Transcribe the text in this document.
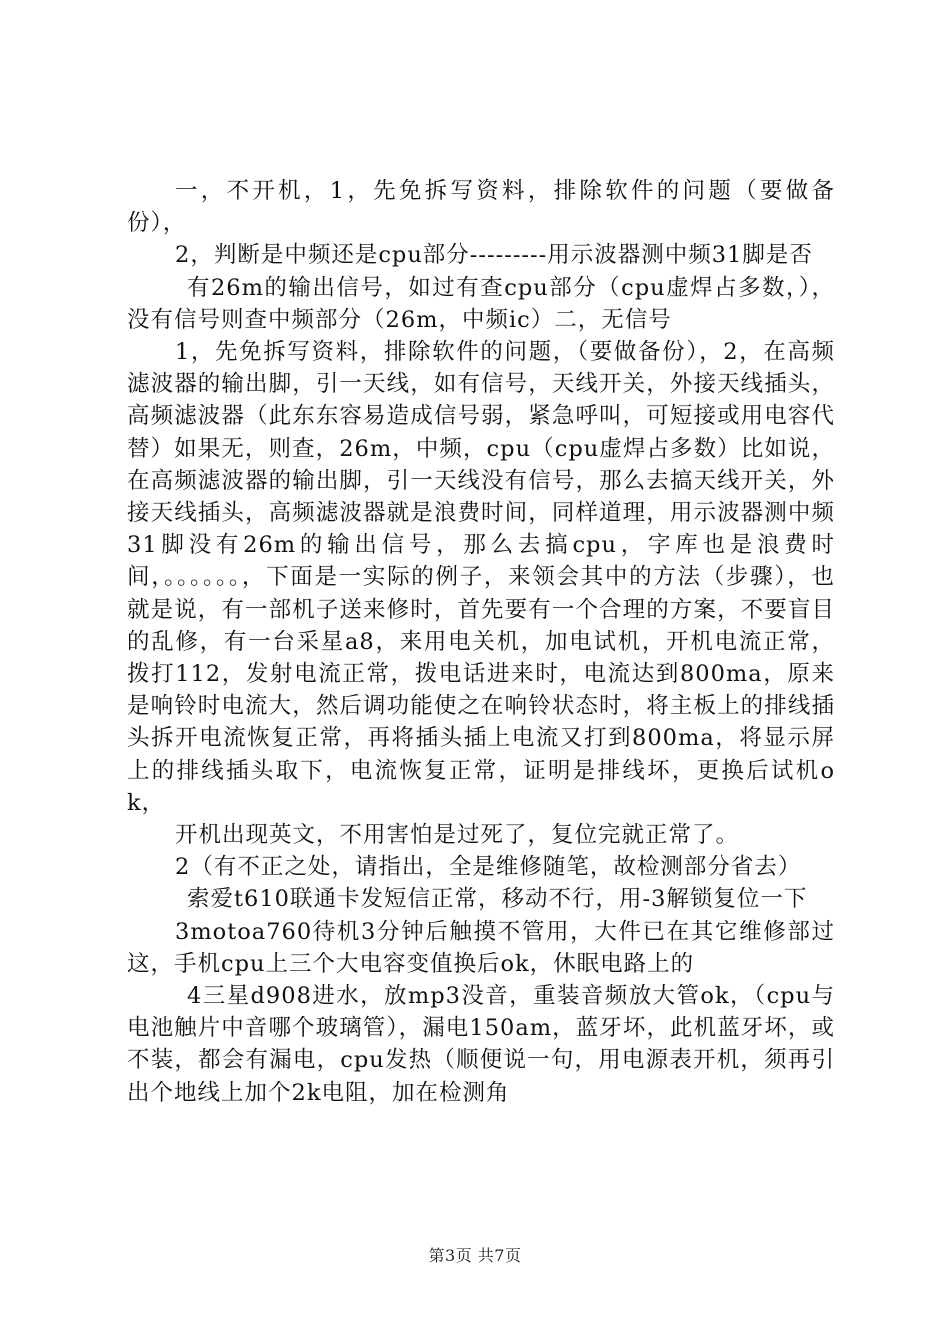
一，不开机，1，先免拆写资料，排除软件的问题（要做备份），

2，判断是中频还是cpu部分---------用示波器测中频31脚是否

有26m的输出信号，如过有查cpu部分（cpu虚焊占多数，），没有信号则查中频部分（26m，中频ic）二，无信号

1，先免拆写资料，排除软件的问题，（要做备份），2，在高频滤波器的输出脚，引一天线，如有信号，天线开关，外接天线插头，高频滤波器（此东东容易造成信号弱，紧急呼叫，可短接或用电容代替）如果无，则查，26m，中频，cpu（cpu虚焊占多数）比如说，在高频滤波器的输出脚，引一天线没有信号，那么去搞天线开关，外接天线插头，高频滤波器就是浪费时间，同样道理，用示波器测中频31脚没有26m的输出信号，那么去搞cpu，字库也是浪费时间，。。。。。。，下面是一实际的例子，来领会其中的方法（步骤），也就是说，有一部机子送来修时，首先要有一个合理的方案，不要盲目的乱修，有一台采星a8，来用电关机，加电试机，开机电流正常，拨打112，发射电流正常，拨电话进来时，电流达到800ma，原来是响铃时电流大，然后调功能使之在响铃状态时，将主板上的排线插头拆开电流恢复正常，再将插头插上电流又打到800ma，将显示屏上的排线插头取下，电流恢复正常，证明是排线坏，更换后试机ok，

开机出现英文，不用害怕是过死了，复位完就正常了。

2（有不正之处，请指出，全是维修随笔，故检测部分省去）

索爱t610联通卡发短信正常，移动不行，用-3解锁复位一下

3motoa760待机3分钟后触摸不管用，大件已在其它维修部过这，手机cpu上三个大电容变值换后ok，休眠电路上的

4三星d908进水，放mp3没音，重装音频放大管ok，（cpu与电池触片中音哪个玻璃管），漏电150am，蓝牙坏，此机蓝牙坏，或不装，都会有漏电，cpu发热（顺便说一句，用电源表开机，须再引出个地线上加个2k电阻，加在检测角

第3页 共7页
